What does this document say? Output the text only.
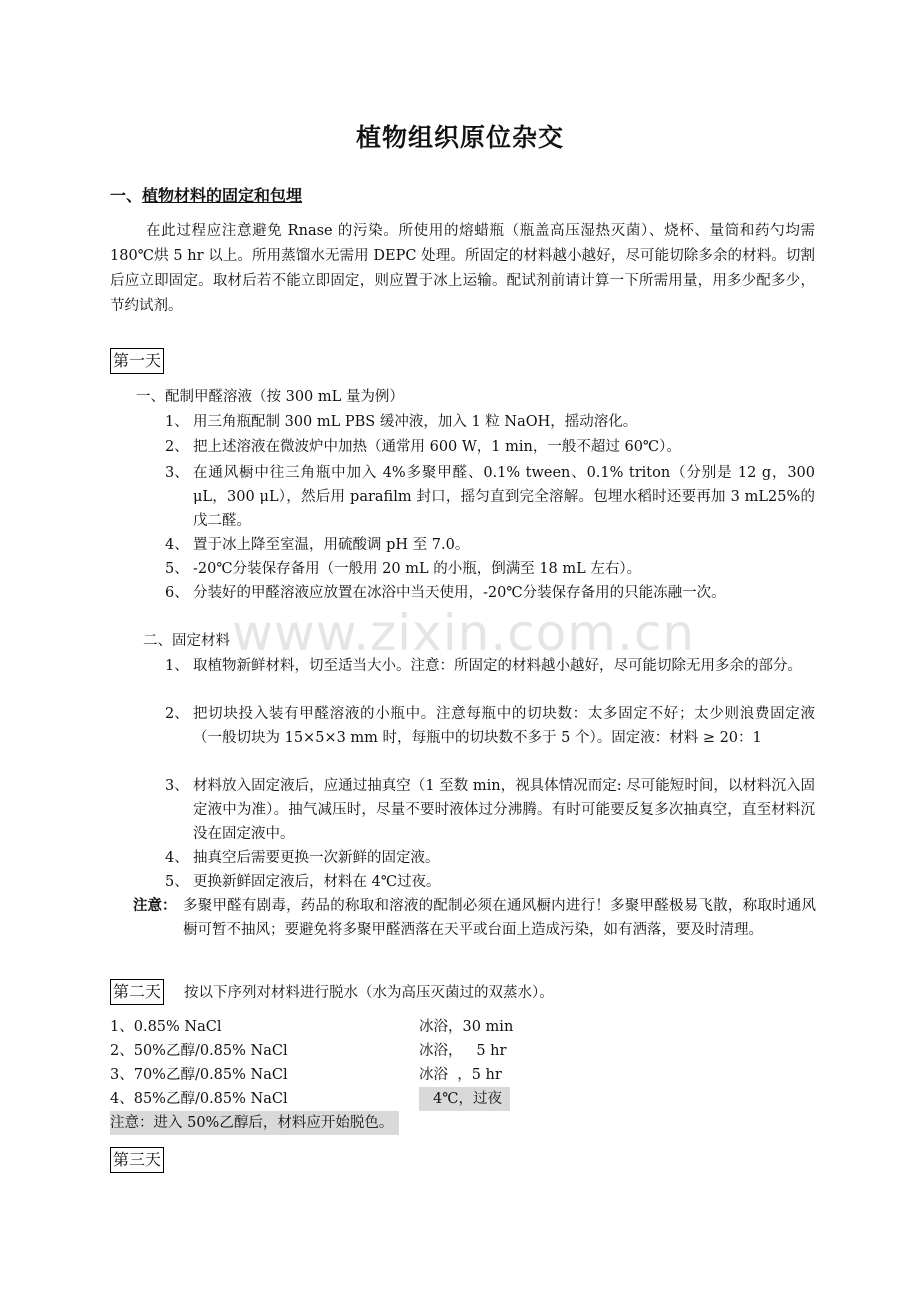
植物组织原位杂交
一、植物材料的固定和包埋
在此过程应注意避免 Rnase 的污染。所使用的熔蜡瓶（瓶盖高压湿热灭菌）、烧杯、量筒和药勺均需 180℃烘 5 hr 以上。所用蒸馏水无需用 DEPC 处理。所固定的材料越小越好，尽可能切除多余的材料。切割后应立即固定。取材后若不能立即固定，则应置于冰上运输。配试剂前请计算一下所需用量，用多少配多少，节约试剂。
第一天
一、配制甲醛溶液（按 300 mL 量为例）
1、 用三角瓶配制 300 mL PBS 缓冲液，加入 1 粒 NaOH，摇动溶化。
2、 把上述溶液在微波炉中加热（通常用 600 W，1 min，一般不超过 60℃）。
3、 在通风橱中往三角瓶中加入 4%多聚甲醛、0.1% tween、0.1% triton（分别是 12 g，300 μL，300 μL），然后用 parafilm 封口，摇匀直到完全溶解。包埋水稻时还要再加 3 mL25%的戊二醛。
4、 置于冰上降至室温，用硫酸调 pH 至 7.0。
5、 -20℃分装保存备用（一般用 20 mL 的小瓶，倒满至 18 mL 左右）。
6、 分装好的甲醛溶液应放置在冰浴中当天使用，-20℃分装保存备用的只能冻融一次。
www.zixin.com.cn
二、固定材料
1、 取植物新鲜材料，切至适当大小。注意：所固定的材料越小越好，尽可能切除无用多余的部分。
2、 把切块投入装有甲醛溶液的小瓶中。注意每瓶中的切块数：太多固定不好；太少则浪费固定液（一般切块为 15×5×3 mm 时，每瓶中的切块数不多于 5 个）。固定液：材料 ≥ 20：1
3、 材料放入固定液后，应通过抽真空（1 至数 min，视具体情况而定: 尽可能短时间，以材料沉入固定液中为准）。抽气减压时，尽量不要时液体过分沸腾。有时可能要反复多次抽真空，直至材料沉没在固定液中。
4、 抽真空后需要更换一次新鲜的固定液。
5、 更换新鲜固定液后，材料在 4℃过夜。
注意： 多聚甲醛有剧毒，药品的称取和溶液的配制必须在通风橱内进行！多聚甲醛极易飞散，称取时通风橱可暂不抽风；要避免将多聚甲醛洒落在天平或台面上造成污染，如有洒落，要及时清理。
第二天 按以下序列对材料进行脱水（水为高压灭菌过的双蒸水）。
1、0.85% NaCl	冰浴，30 min
2、50%乙醇/0.85% NaCl	冰浴，   5 hr
3、70%乙醇/0.85% NaCl	冰浴  ，5 hr
4、85%乙醇/0.85% NaCl	4℃，过夜
注意：进入 50%乙醇后，材料应开始脱色。
第三天
